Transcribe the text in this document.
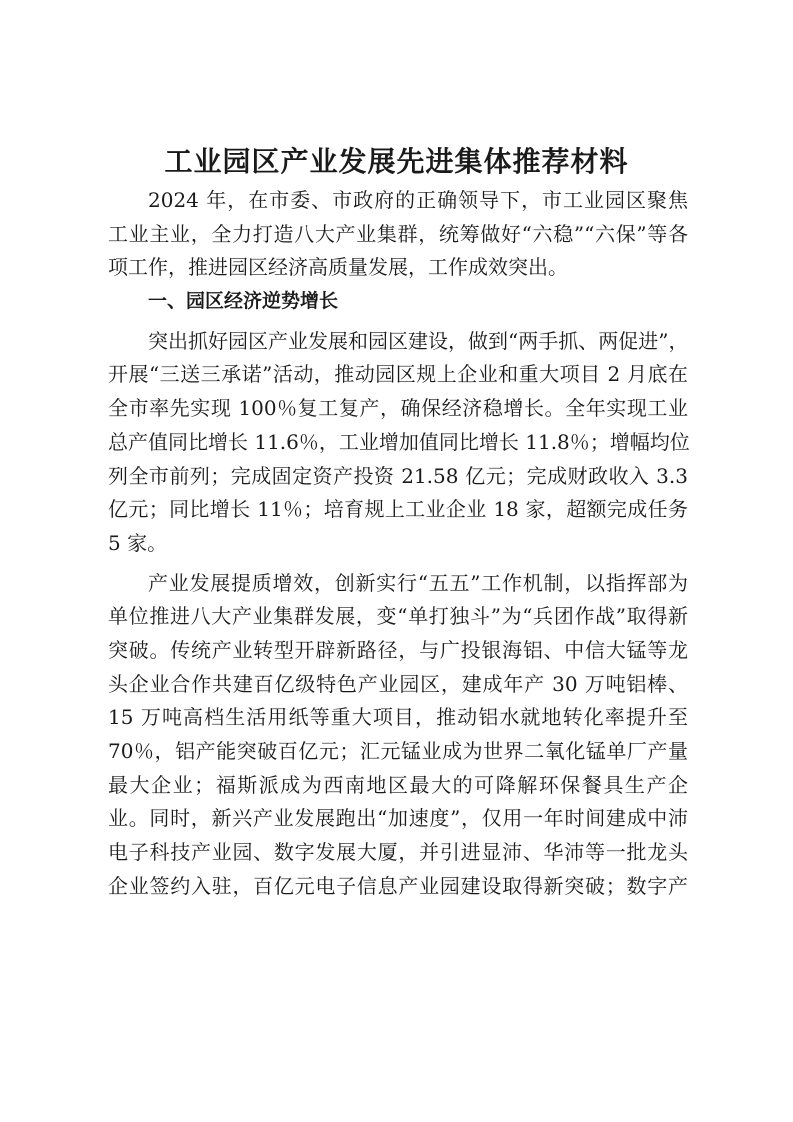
工业园区产业发展先进集体推荐材料
2024 年，在市委、市政府的正确领导下，市工业园区聚焦
工业主业，全力打造八大产业集群，统筹做好“六稳”“六保”等各
项工作，推进园区经济高质量发展，工作成效突出。
一、园区经济逆势增长
突出抓好园区产业发展和园区建设，做到“两手抓、两促进”，
开展“三送三承诺”活动，推动园区规上企业和重大项目 2 月底在
全市率先实现 100％复工复产，确保经济稳增长。全年实现工业
总产值同比增长 11.6％，工业增加值同比增长 11.8％；增幅均位
列全市前列；完成固定资产投资 21.58 亿元；完成财政收入 3.3
亿元；同比增长 11％；培育规上工业企业 18 家，超额完成任务
5 家。
产业发展提质增效，创新实行“五五”工作机制，以指挥部为
单位推进八大产业集群发展，变“单打独斗”为“兵团作战”取得新
突破。传统产业转型开辟新路径，与广投银海铝、中信大锰等龙
头企业合作共建百亿级特色产业园区，建成年产 30 万吨铝棒、
15 万吨高档生活用纸等重大项目，推动铝水就地转化率提升至
70％，铝产能突破百亿元；汇元锰业成为世界二氧化锰单厂产量
最大企业；福斯派成为西南地区最大的可降解环保餐具生产企
业。同时，新兴产业发展跑出“加速度”，仅用一年时间建成中沛
电子科技产业园、数字发展大厦，并引进显沛、华沛等一批龙头
企业签约入驻，百亿元电子信息产业园建设取得新突破；数字产
